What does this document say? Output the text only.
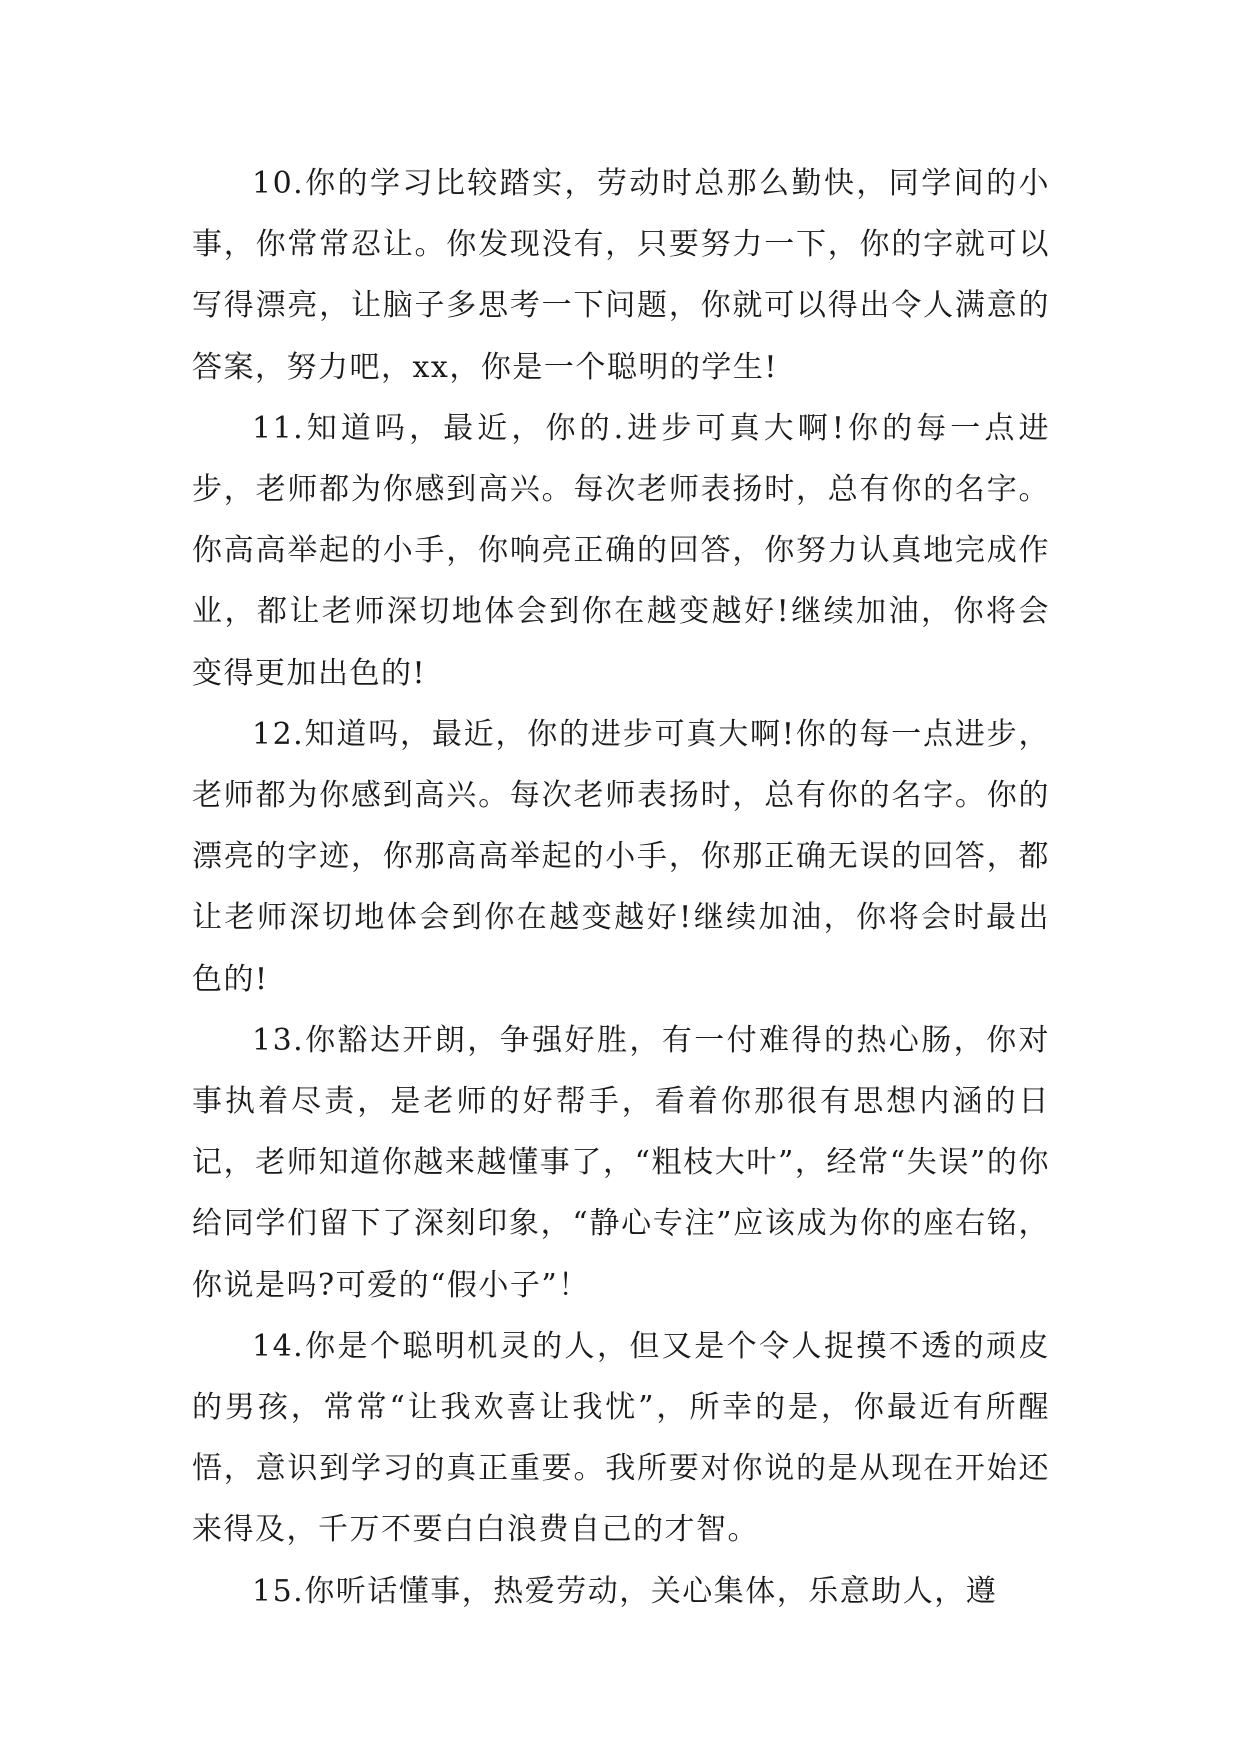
10.你的学习比较踏实，劳动时总那么勤快，同学间的小事，你常常忍让。你发现没有，只要努力一下，你的字就可以写得漂亮，让脑子多思考一下问题，你就可以得出令人满意的答案，努力吧，xx，你是一个聪明的学生!

11.知道吗，最近，你的.进步可真大啊!你的每一点进步，老师都为你感到高兴。每次老师表扬时，总有你的名字。你高高举起的小手，你响亮正确的回答，你努力认真地完成作业，都让老师深切地体会到你在越变越好!继续加油，你将会变得更加出色的!

12.知道吗，最近，你的进步可真大啊!你的每一点进步，老师都为你感到高兴。每次老师表扬时，总有你的名字。你的漂亮的字迹，你那高高举起的小手，你那正确无误的回答，都让老师深切地体会到你在越变越好!继续加油，你将会时最出色的!

13.你豁达开朗，争强好胜，有一付难得的热心肠，你对事执着尽责，是老师的好帮手，看着你那很有思想内涵的日记，老师知道你越来越懂事了，“粗枝大叶”，经常“失误”的你给同学们留下了深刻印象，“静心专注”应该成为你的座右铭，你说是吗?可爱的“假小子”！

14.你是个聪明机灵的人，但又是个令人捉摸不透的顽皮的男孩，常常“让我欢喜让我忧”，所幸的是，你最近有所醒悟，意识到学习的真正重要。我所要对你说的是从现在开始还来得及，千万不要白白浪费自己的才智。

15.你听话懂事，热爱劳动，关心集体，乐意助人，遵
